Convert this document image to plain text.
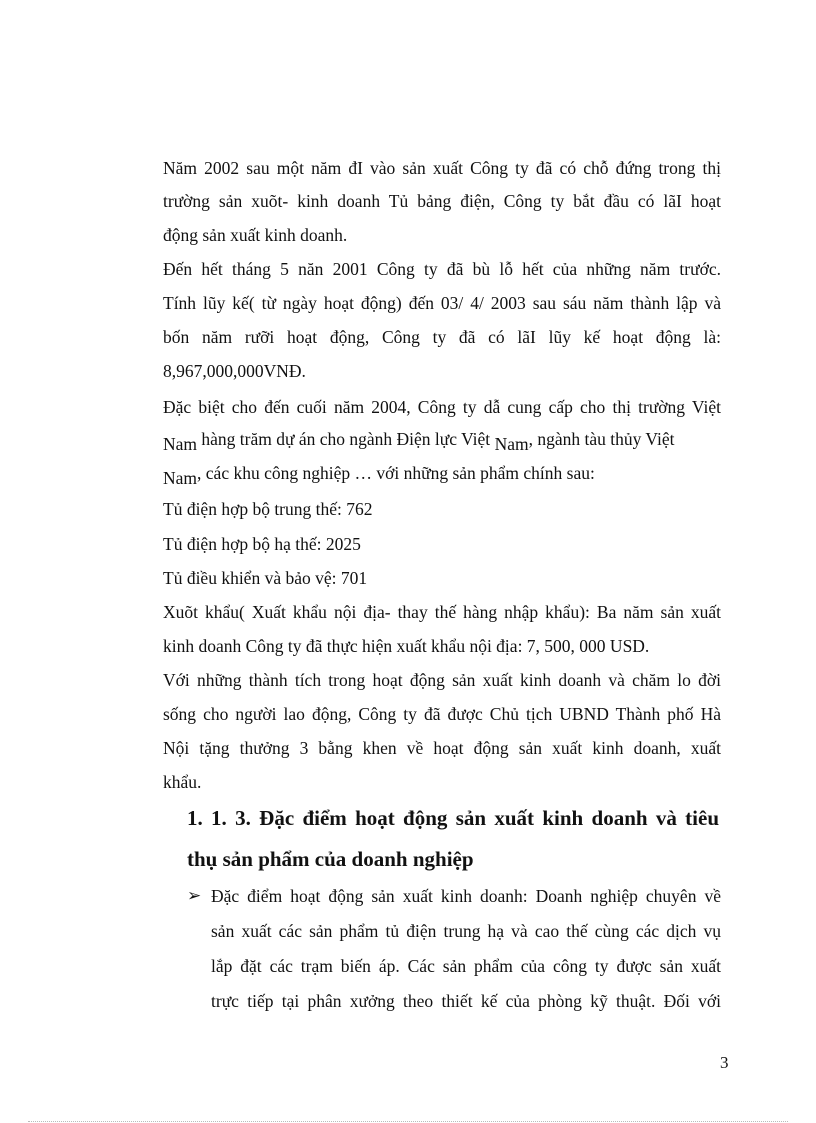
Năm 2002 sau một năm đI vào sản xuất Công ty đã có chỗ đứng trong thị
trường sản xuõt- kinh doanh Tủ bảng điện, Công ty bắt đầu có lãI hoạt
động sản xuất kinh doanh.
Đến hết tháng 5 năn 2001 Công ty đã bù lỗ hết của những năm trước.
Tính lũy kế( từ ngày hoạt động) đến 03/ 4/ 2003 sau sáu năm thành lập và
bốn năm rưỡi hoạt động, Công ty đã có lãI lũy kế hoạt động là:
8,967,000,000VNĐ.
Đặc biệt cho đến cuối năm 2004, Công ty dẫ cung cấp cho thị trường Việt
Nam hàng trăm dự án cho ngành Điện lực Việt Nam, ngành tàu thủy Việt
Nam, các khu công nghiệp … với những sản phẩm chính sau:
Tủ điện hợp bộ trung thế: 762
Tủ điện hợp bộ hạ thế: 2025
Tủ điều khiển và bảo vệ: 701
Xuõt khẩu( Xuất khẩu nội địa- thay thế hàng nhập khẩu): Ba năm sản xuất
kinh doanh Công ty đã thực hiện xuất khẩu nội địa: 7, 500, 000 USD.
Với những thành tích trong hoạt động sản xuất kinh doanh và chăm lo đời
sống cho người lao động, Công ty đã được Chủ tịch UBND Thành phố Hà
Nội tặng thưởng 3 bằng khen về hoạt động sản xuất kinh doanh, xuất
khẩu.
1. 1. 3. Đặc điểm hoạt động sản xuất kinh doanh và tiêu
thụ sản phẩm của doanh nghiệp
➢ Đặc điểm hoạt động sản xuất kinh doanh: Doanh nghiệp chuyên về
sản xuất các sản phẩm tủ điện trung hạ và cao thế cùng các dịch vụ
lắp đặt các trạm biến áp. Các sản phẩm của công ty được sản xuất
trực tiếp tại phân xưởng theo thiết kế của phòng kỹ thuật. Đối với
3
